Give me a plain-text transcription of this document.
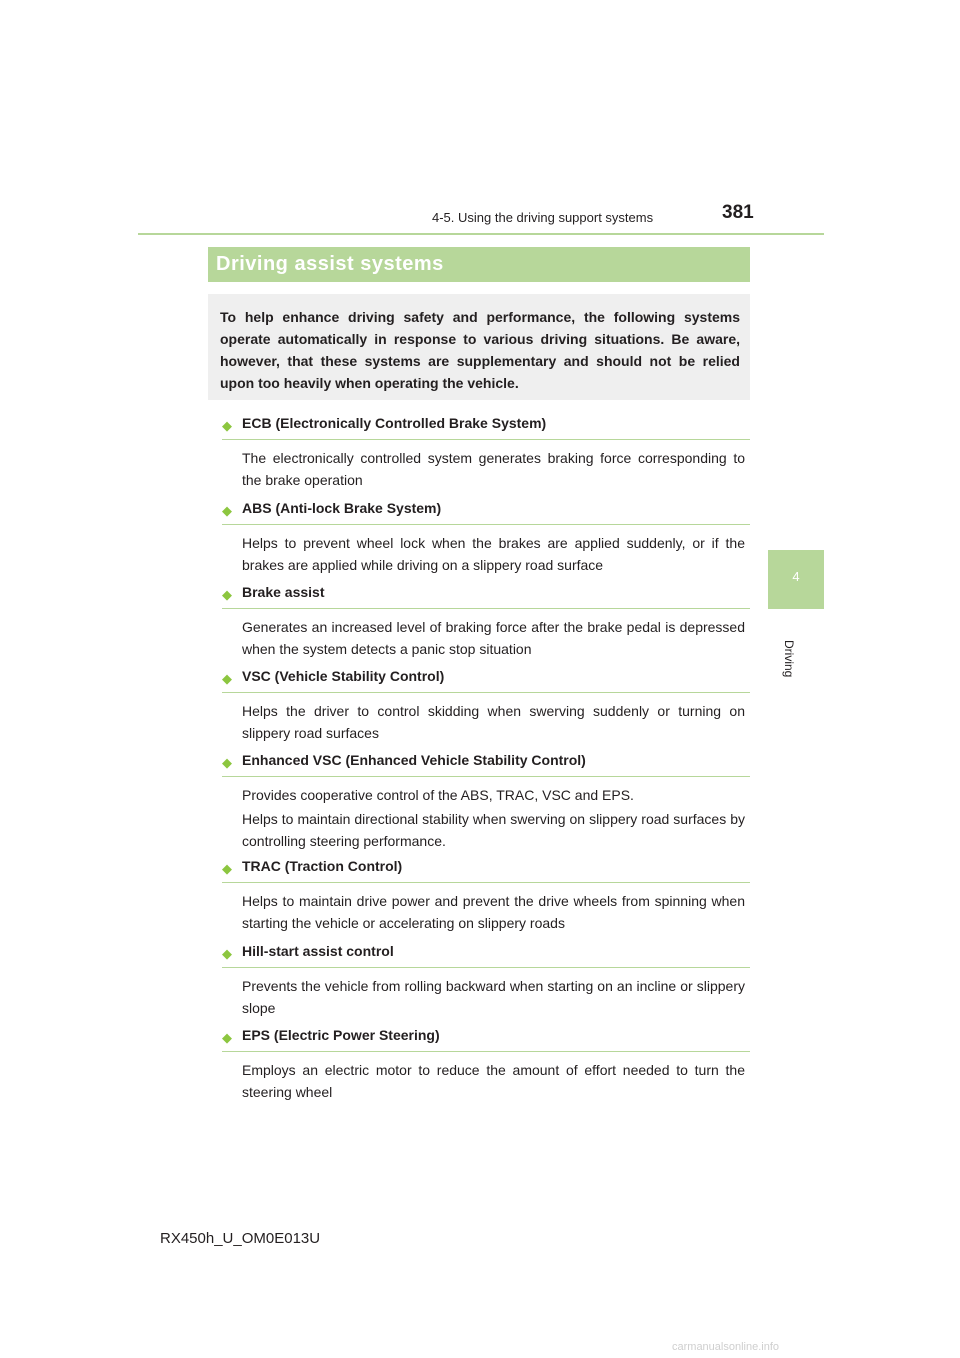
4-5. Using the driving support systems	381
4
Driving
Driving assist systems
To help enhance driving safety and performance, the following systems operate automatically in response to various driving situations. Be aware, however, that these systems are supplementary and should not be relied upon too heavily when operating the vehicle.
◆ ECB (Electronically Controlled Brake System)
The electronically controlled system generates braking force corresponding to the brake operation
◆ ABS (Anti-lock Brake System)
Helps to prevent wheel lock when the brakes are applied suddenly, or if the brakes are applied while driving on a slippery road surface
◆ Brake assist
Generates an increased level of braking force after the brake pedal is depressed when the system detects a panic stop situation
◆ VSC (Vehicle Stability Control)
Helps the driver to control skidding when swerving suddenly or turning on slippery road surfaces
◆ Enhanced VSC (Enhanced Vehicle Stability Control)
Provides cooperative control of the ABS, TRAC, VSC and EPS.
Helps to maintain directional stability when swerving on slippery road surfaces by controlling steering performance.
◆ TRAC (Traction Control)
Helps to maintain drive power and prevent the drive wheels from spinning when starting the vehicle or accelerating on slippery roads
◆ Hill-start assist control
Prevents the vehicle from rolling backward when starting on an incline or slippery slope
◆ EPS (Electric Power Steering)
Employs an electric motor to reduce the amount of effort needed to turn the steering wheel
RX450h_U_OM0E013U
carmanualsonline.info
